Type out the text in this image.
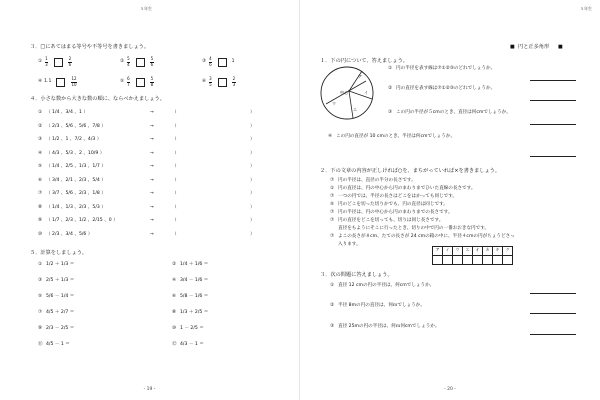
５年生
３．□にあてはまる等号や不等号を書きましょう。
① $\frac{1}{3}$	$\frac{2}{6}$	② $\frac{5}{4}$	$\frac{5}{6}$	③ $\frac{4}{6}$	1
④ 1.1	$\frac{12}{10}$	⑤ $\frac{6}{7}$	$\frac{5}{8}$	⑥ $\frac{3}{5}$	$\frac{2}{3}$
４．小さな数から大きな数の順に、ならべかえましょう。
① （ 1/4 、3/4 、1 ）	→	（	）
② （ 2/3 、5/6 、5/6 、7/8 ）	→	（	）
③ （ 1/2 、1 、7/2 、4/3 ）	→	（	）
④ （ 4/3 、5/3 、2 、10/9 ）	→	（	）
⑤ （ 1/4 、2/5 、1/3 、1/7 ）	→	（	）
⑥ （ 3/4 、2/1 、2/3 、5/4 ）	→	（	）
⑦ （ 3/7 、5/6 、2/3 、1/8 ）	→	（	）
⑧ （ 1/4 、1/3 、2/3 、5/3 ）	→	（	）
⑨ （ 1/7 、2/3 、1/2 、2/15 、0 ）	→	（	）
⑩ （ 2/3 、3/4 、5/6 ）	→	（	）
５．計算をしましょう。
① 1/2 ＋ 1/3 ＝	② 1/4 ＋ 1/6 ＝
③ 2/5 ＋ 1/3 ＝	④ 3/4 － 1/6 ＝
⑤ 5/6 － 1/4 ＝	⑥ 5/8 － 1/6 ＝
⑦ 4/5 ＋ 2/7 ＝	⑧ 1/3 ＋ 2/5 ＝
⑨ 2/3 － 2/5 ＝	⑩ 1 － 2/5 ＝
⑪ 4/5 － 1 ＝	⑫ 4/3 － 1 ＝
- 19 -
５年生
■ 円と正多角形 ■
１．下の円について、答えましょう。
中心
ア
イ
ウ
エ
① 円の半径を表す線は⑦①②③のどれでしょうか。
② 円の直径を表す線は⑦①②③のどれでしょうか。
③ この円の半径が５cmのとき、直径は何cmでしょうか。
④ この円の直径が 10 cmのとき、半径は何cmでしょうか。
２．下の文章の内容が正しければ○を、まちがっていれば×を書きましょう。
⑦ 円の半径は、直径の半分の長さです。
① 円の直径は、円の中心から円のまわりまでひいた直線の長さです。
⑦ 一つの円では、半径の長さはどこをはかっても同じです。
⑤ 円のどこを切った切りかでも、円の直径は同じです。
⑦ 円の半径は、円の中心から円のまわりまでの長さです。
⑦ 円の直径をどこを切っても、切りは同じ長さです。
直径をもようにそこに行ったとき、切りの中で円の一番おおきな円です。
⑦ よこの長さが８cm、たての長さが 24 cmの箱の中に、半径４cmの円がちょうどさっ
入ります。
ア	イ	ウ	エ	オ	カ	キ	ク

３．次の問題に答えましょう。
① 直径 12 cmの円の半径は、何cmでしょうか。
② 半径 8mの円の直径は、何ｍでしょうか。
③ 直径 25mの円の半径は、何ｍ何cmでしょうか。
- 20 -
